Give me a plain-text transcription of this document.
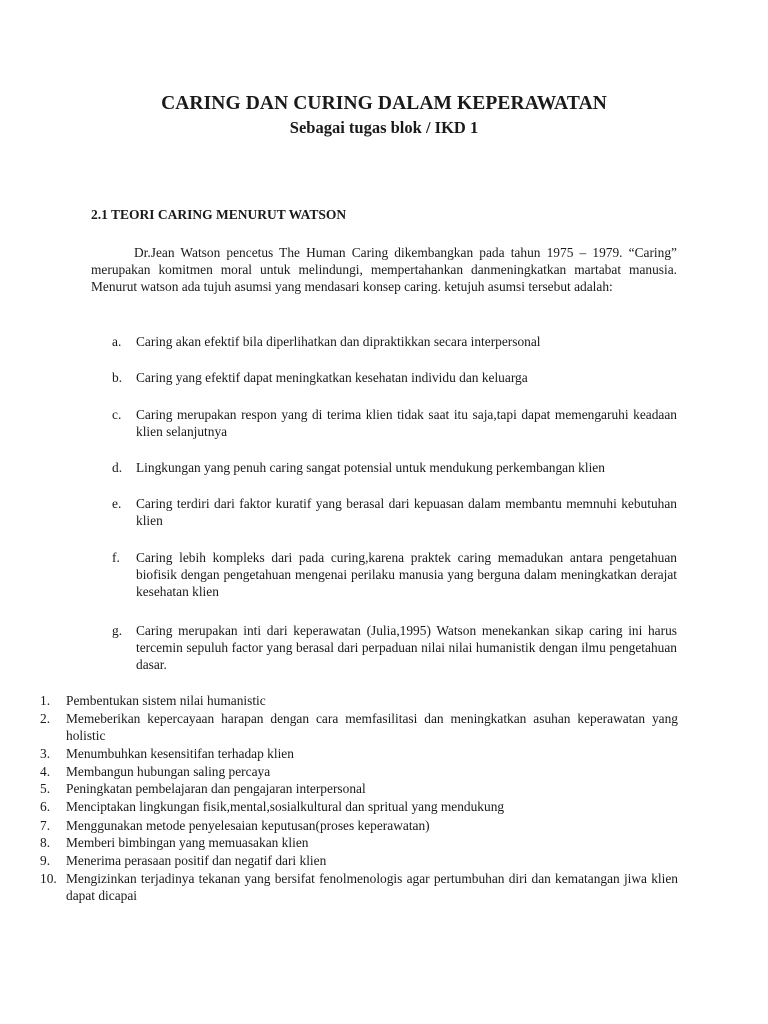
CARING DAN CURING DALAM KEPERAWATAN
Sebagai tugas blok / IKD 1
2.1 TEORI CARING MENURUT WATSON
Dr.Jean Watson pencetus The Human Caring dikembangkan pada tahun 1975 – 1979. “Caring” merupakan komitmen moral untuk melindungi, mempertahankan danmeningkatkan martabat manusia. Menurut watson ada tujuh asumsi yang mendasari konsep caring. ketujuh asumsi tersebut adalah:
a.	Caring akan efektif bila diperlihatkan dan dipraktikkan secara interpersonal
b.	Caring yang efektif dapat meningkatkan kesehatan individu dan keluarga
c.	Caring merupakan respon yang di terima klien tidak saat itu saja,tapi dapat memengaruhi keadaan klien selanjutnya
d.	Lingkungan yang penuh caring sangat potensial untuk mendukung perkembangan klien
e.	Caring terdiri dari faktor kuratif yang berasal dari kepuasan dalam membantu memnuhi kebutuhan klien
f.	Caring lebih kompleks dari pada curing,karena praktek caring memadukan antara pengetahuan biofisik dengan pengetahuan mengenai perilaku manusia yang berguna dalam meningkatkan derajat kesehatan klien
g.	Caring merupakan inti dari keperawatan (Julia,1995) Watson menekankan sikap caring ini harus tercemin sepuluh factor yang berasal dari perpaduan nilai nilai humanistik dengan ilmu pengetahuan dasar.
1.	Pembentukan sistem nilai humanistic
2.	Memeberikan kepercayaan harapan dengan cara memfasilitasi dan meningkatkan asuhan keperawatan yang holistic
3.	Menumbuhkan kesensitifan terhadap klien
4.	Membangun hubungan saling percaya
5.	Peningkatan pembelajaran dan pengajaran interpersonal
6.	Menciptakan lingkungan fisik,mental,sosialkultural dan spritual yang mendukung
7.	Menggunakan metode penyelesaian keputusan(proses keperawatan)
8.	Memberi bimbingan yang memuasakan klien
9.	Menerima perasaan positif dan negatif dari klien
10. Mengizinkan terjadinya tekanan yang bersifat fenolmenologis agar pertumbuhan diri dan kematangan jiwa klien dapat dicapai
